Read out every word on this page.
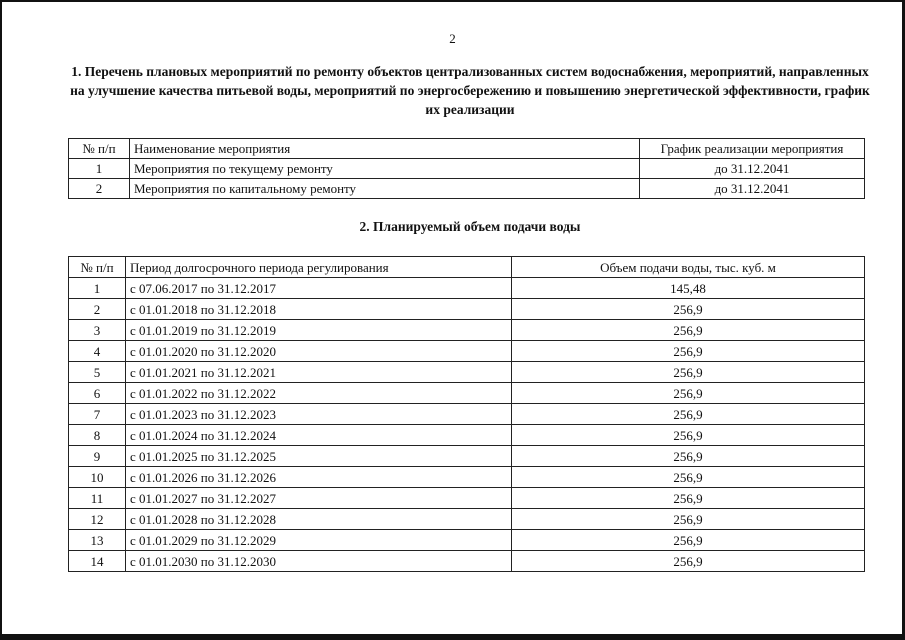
2
1. Перечень плановых мероприятий по ремонту объектов централизованных систем водоснабжения, мероприятий, направленных на улучшение качества питьевой воды, мероприятий по энергосбережению и повышению энергетической эффективности, график их реализации
№ п/п	Наименование мероприятия	График реализации мероприятия
1	Мероприятия по текущему ремонту	до 31.12.2041
2	Мероприятия по капитальному ремонту	до 31.12.2041
2. Планируемый объем подачи воды
№ п/п	Период долгосрочного периода регулирования	Объем подачи воды, тыс. куб. м
1	с 07.06.2017 по 31.12.2017	145,48
2	с 01.01.2018 по 31.12.2018	256,9
3	с 01.01.2019 по 31.12.2019	256,9
4	с 01.01.2020 по 31.12.2020	256,9
5	с 01.01.2021 по 31.12.2021	256,9
6	с 01.01.2022 по 31.12.2022	256,9
7	с 01.01.2023 по 31.12.2023	256,9
8	с 01.01.2024 по 31.12.2024	256,9
9	с 01.01.2025 по 31.12.2025	256,9
10	с 01.01.2026 по 31.12.2026	256,9
11	с 01.01.2027 по 31.12.2027	256,9
12	с 01.01.2028 по 31.12.2028	256,9
13	с 01.01.2029 по 31.12.2029	256,9
14	с 01.01.2030 по 31.12.2030	256,9
